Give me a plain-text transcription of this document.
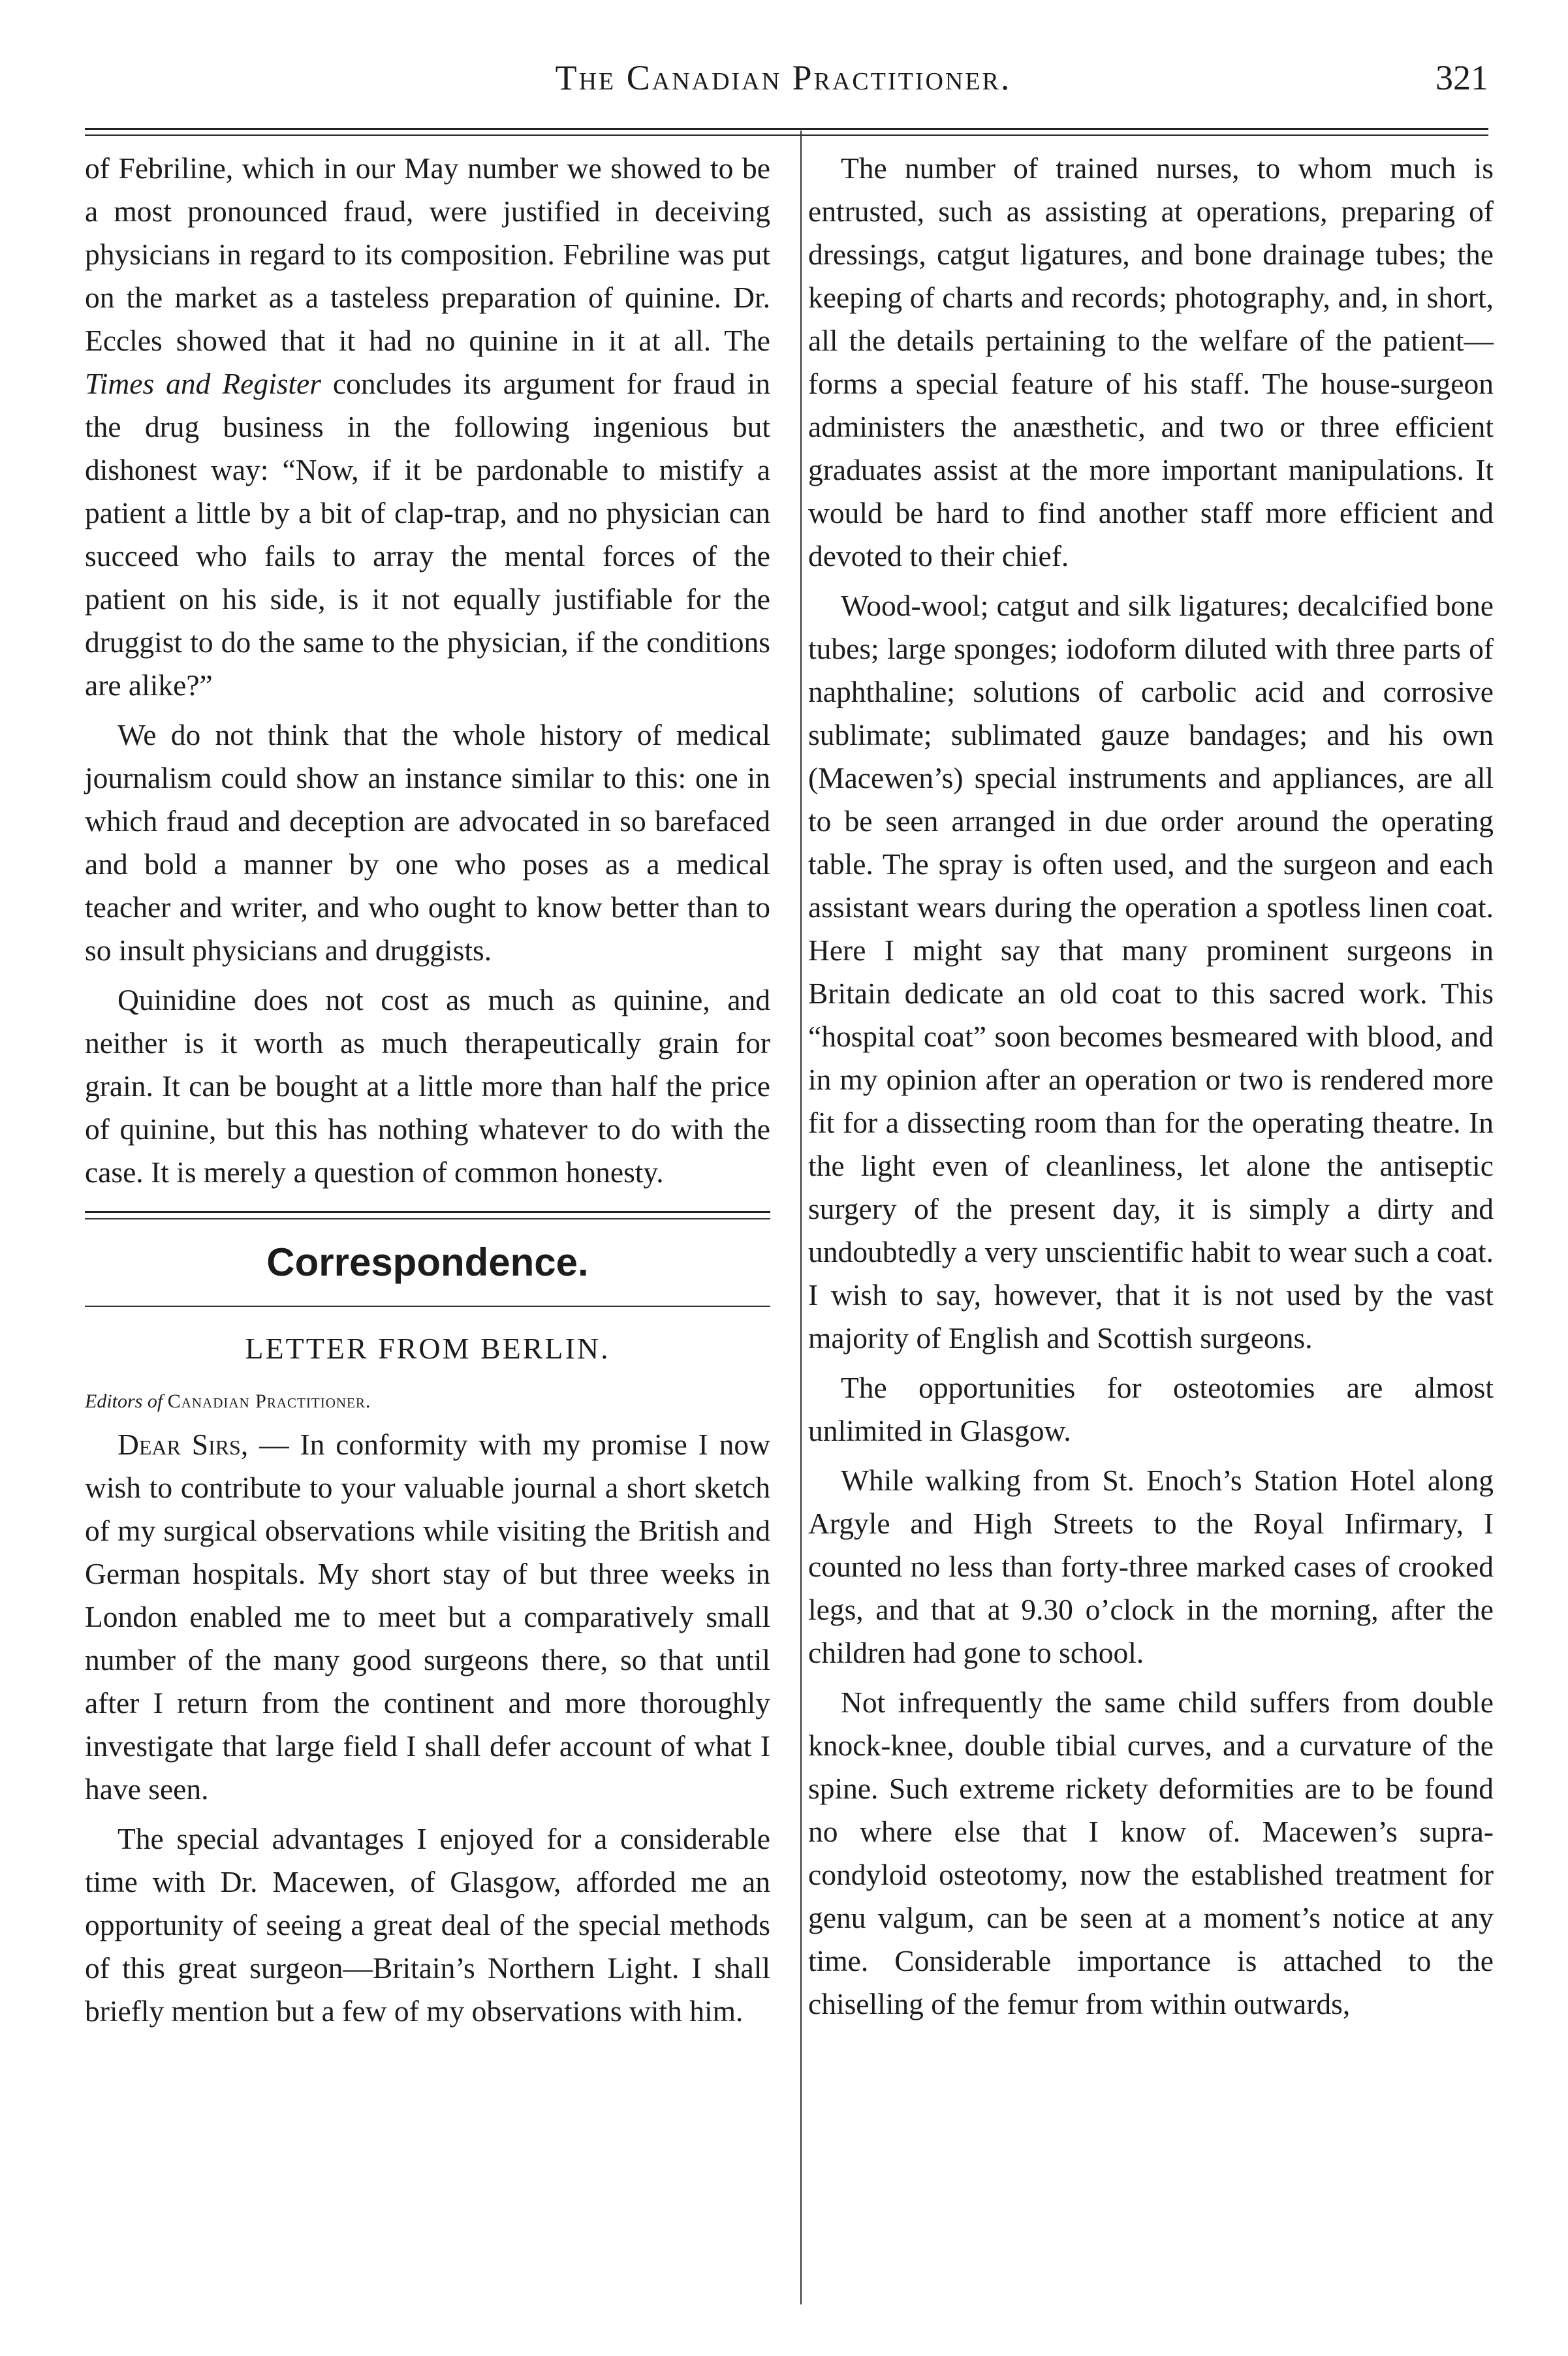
The Canadian Practitioner.	321

of Febriline, which in our May number we showed to be a most pronounced fraud, were justified in deceiving physicians in regard to its composition. Febriline was put on the market as a tasteless preparation of quinine. Dr. Eccles showed that it had no quinine in it at all. The Times and Register concludes its argument for fraud in the drug business in the following ingenious but dishonest way: “Now, if it be pardonable to mistify a patient a little by a bit of clap-trap, and no physician can succeed who fails to array the mental forces of the patient on his side, is it not equally justifiable for the druggist to do the same to the physician, if the conditions are alike?”

We do not think that the whole history of medical journalism could show an instance similar to this: one in which fraud and deception are advocated in so barefaced and bold a manner by one who poses as a medical teacher and writer, and who ought to know better than to so insult physicians and druggists.

Quinidine does not cost as much as quinine, and neither is it worth as much therapeutically grain for grain. It can be bought at a little more than half the price of quinine, but this has nothing whatever to do with the case. It is merely a question of common honesty.

Correspondence.
LETTER FROM BERLIN.
Editors of Canadian Practitioner.

Dear Sirs, — In conformity with my promise I now wish to contribute to your valuable journal a short sketch of my surgical observations while visiting the British and German hospitals. My short stay of but three weeks in London enabled me to meet but a comparatively small number of the many good surgeons there, so that until after I return from the continent and more thoroughly investigate that large field I shall defer account of what I have seen.

The special advantages I enjoyed for a considerable time with Dr. Macewen, of Glasgow, afforded me an opportunity of seeing a great deal of the special methods of this great surgeon—Britain’s Northern Light. I shall briefly mention but a few of my observations with him.

The number of trained nurses, to whom much is entrusted, such as assisting at operations, preparing of dressings, catgut ligatures, and bone drainage tubes; the keeping of charts and records; photography, and, in short, all the details pertaining to the welfare of the patient—forms a special feature of his staff. The house-surgeon administers the anæsthetic, and two or three efficient graduates assist at the more important manipulations. It would be hard to find another staff more efficient and devoted to their chief.

Wood-wool; catgut and silk ligatures; decalcified bone tubes; large sponges; iodoform diluted with three parts of naphthaline; solutions of carbolic acid and corrosive sublimate; sublimated gauze bandages; and his own (Macewen’s) special instruments and appliances, are all to be seen arranged in due order around the operating table. The spray is often used, and the surgeon and each assistant wears during the operation a spotless linen coat. Here I might say that many prominent surgeons in Britain dedicate an old coat to this sacred work. This “hospital coat” soon becomes besmeared with blood, and in my opinion after an operation or two is rendered more fit for a dissecting room than for the operating theatre. In the light even of cleanliness, let alone the antiseptic surgery of the present day, it is simply a dirty and undoubtedly a very unscientific habit to wear such a coat. I wish to say, however, that it is not used by the vast majority of English and Scottish surgeons.

The opportunities for osteotomies are almost unlimited in Glasgow.

While walking from St. Enoch’s Station Hotel along Argyle and High Streets to the Royal Infirmary, I counted no less than forty-three marked cases of crooked legs, and that at 9.30 o’clock in the morning, after the children had gone to school.

Not infrequently the same child suffers from double knock-knee, double tibial curves, and a curvature of the spine. Such extreme rickety deformities are to be found no where else that I know of. Macewen’s supra-condyloid osteotomy, now the established treatment for genu valgum, can be seen at a moment’s notice at any time. Considerable importance is attached to the chiselling of the femur from within outwards,
